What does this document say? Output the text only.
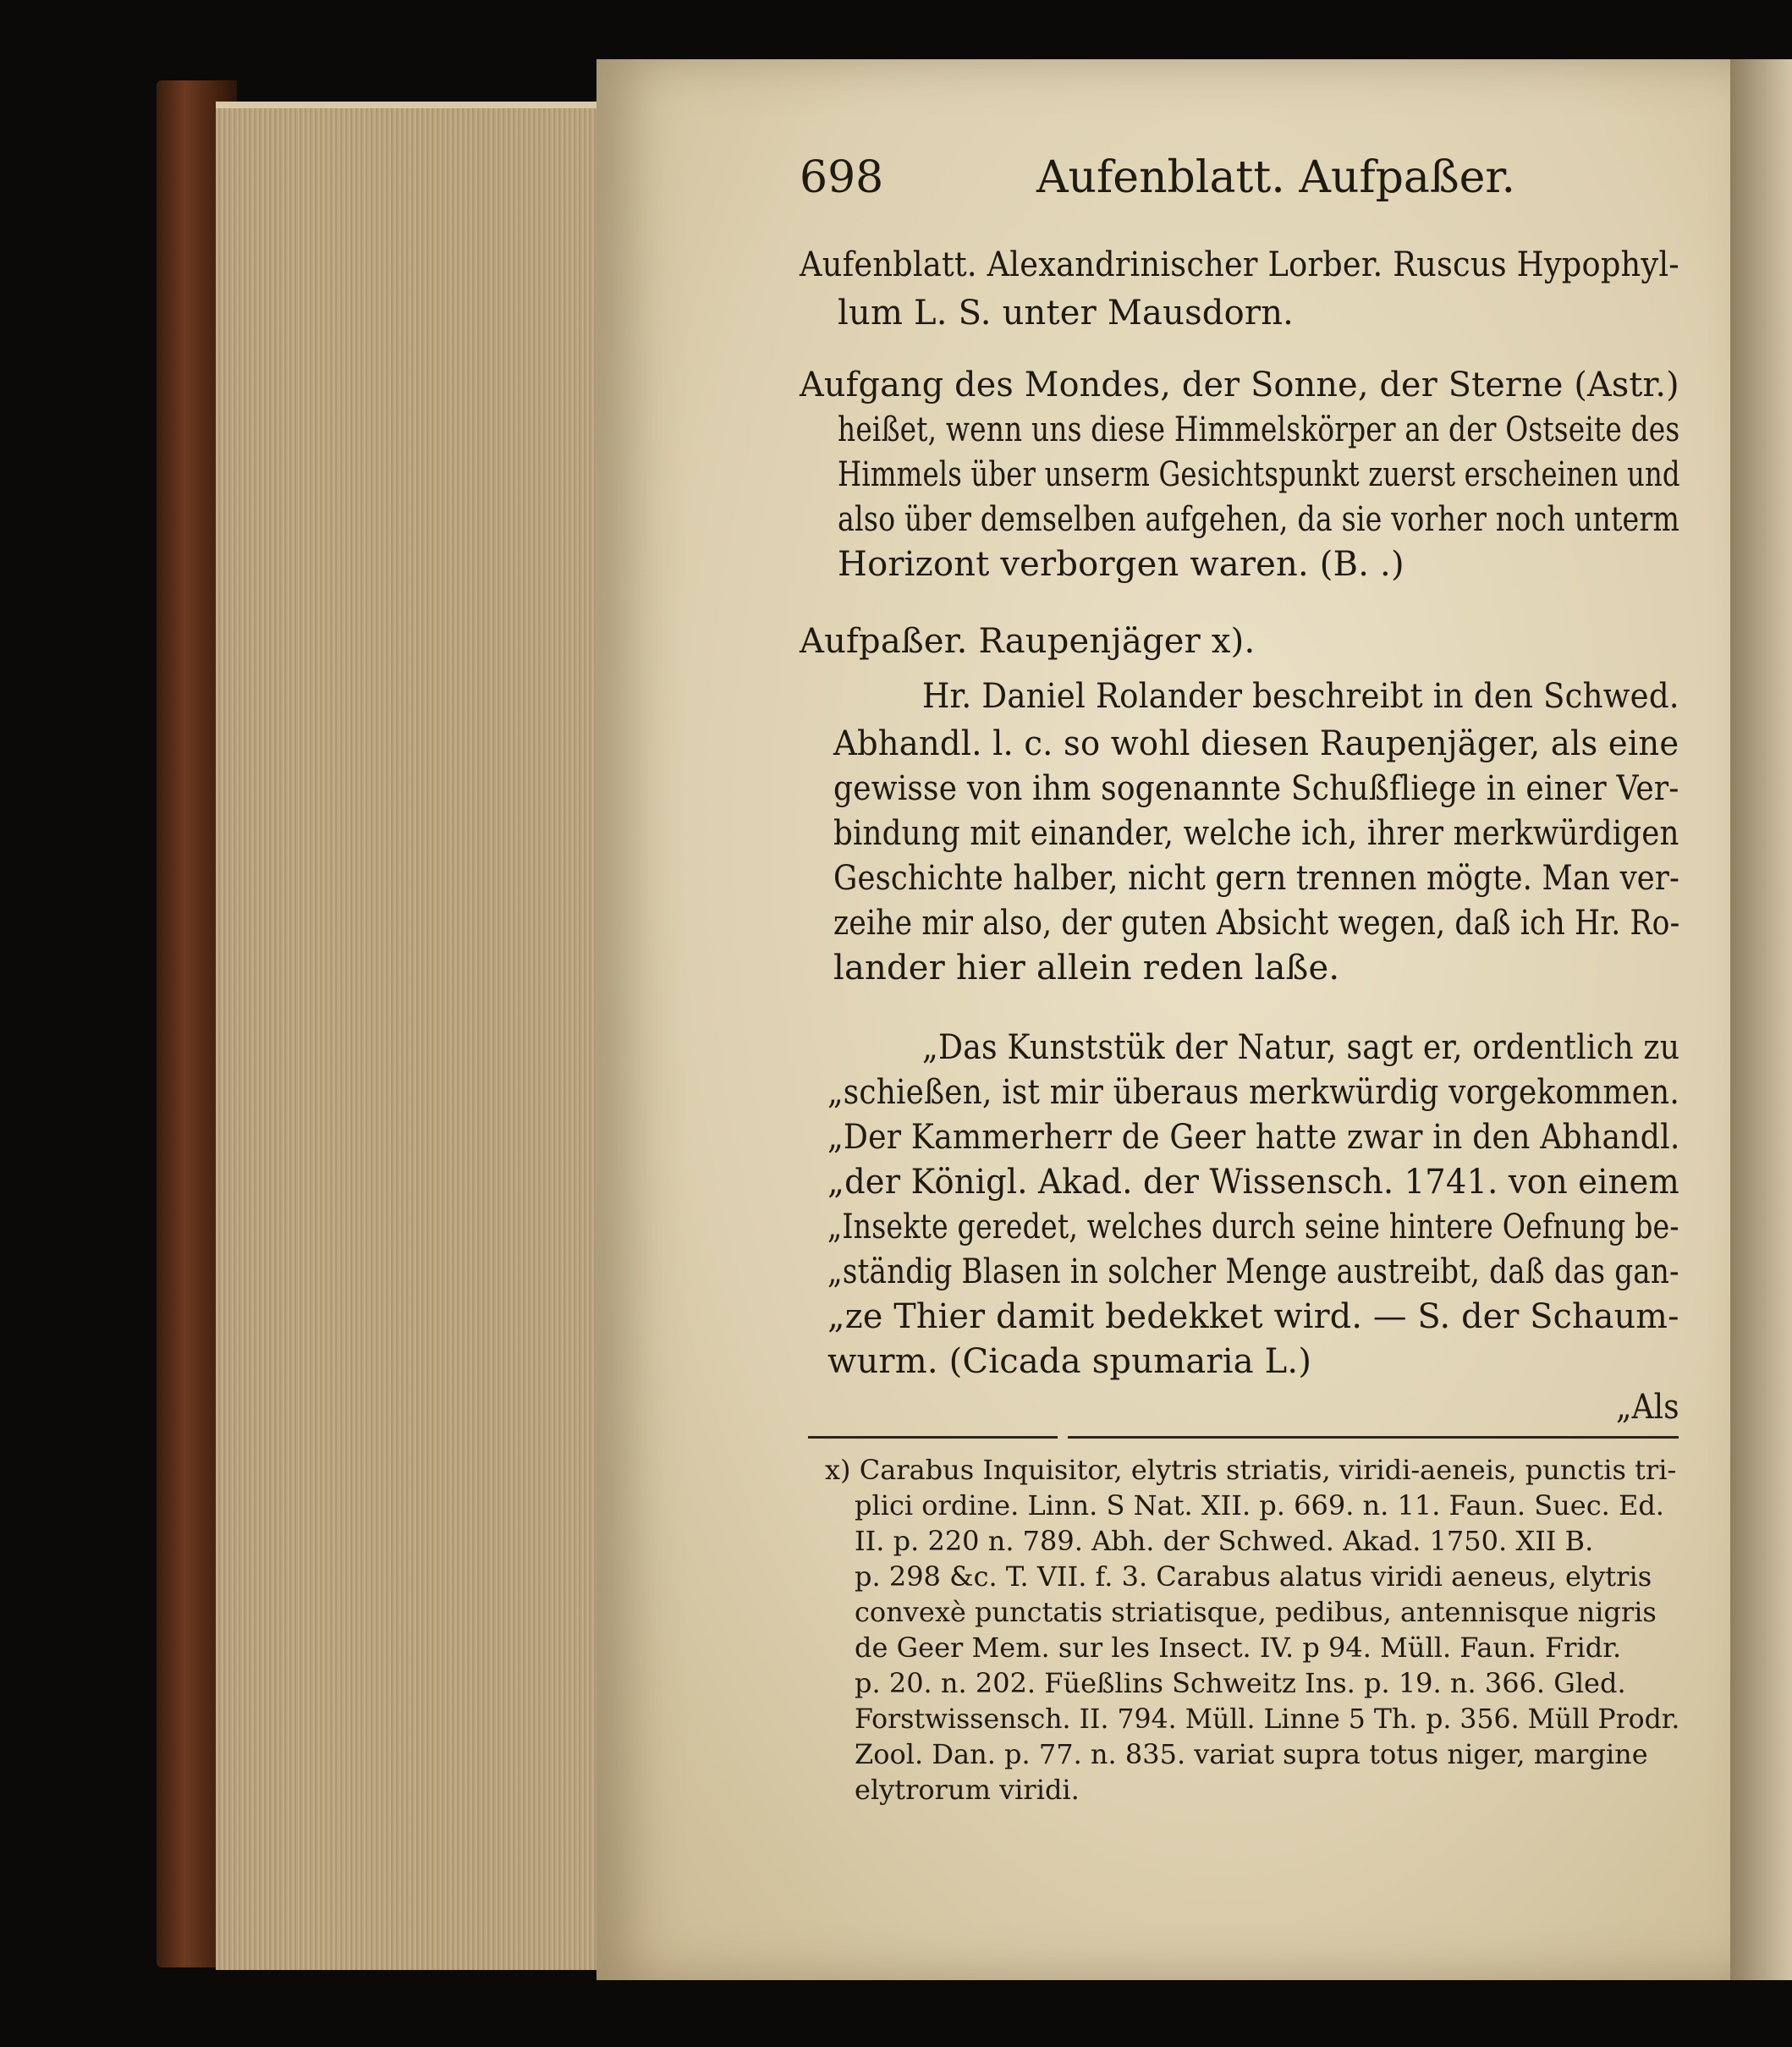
698	Aufenblatt. Aufpaßer.
Aufenblatt. Alexandrinischer Lorber. Ruscus Hypophyl-
lum L. S. unter Mausdorn.
Aufgang des Mondes, der Sonne, der Sterne (Astr.)
heißet, wenn uns diese Himmelskörper an der Ostseite des
Himmels über unserm Gesichtspunkt zuerst erscheinen und
also über demselben aufgehen, da sie vorher noch unterm
Horizont verborgen waren. (B. .)
Aufpaßer. Raupenjäger x).
Hr. Daniel Rolander beschreibt in den Schwed.
Abhandl. l. c. so wohl diesen Raupenjäger, als eine
gewisse von ihm sogenannte Schußfliege in einer Ver-
bindung mit einander, welche ich, ihrer merkwürdigen
Geschichte halber, nicht gern trennen mögte. Man ver-
zeihe mir also, der guten Absicht wegen, daß ich Hr. Ro-
lander hier allein reden laße.
„Das Kunststük der Natur, sagt er, ordentlich zu
„schießen, ist mir überaus merkwürdig vorgekommen.
„Der Kammerherr de Geer hatte zwar in den Abhandl.
„der Königl. Akad. der Wissensch. 1741. von einem
„Insekte geredet, welches durch seine hintere Oefnung be-
„ständig Blasen in solcher Menge austreibt, daß das gan-
„ze Thier damit bedekket wird. — S. der Schaum-
wurm. (Cicada spumaria L.)
„Als
x) Carabus Inquisitor, elytris striatis, viridi-aeneis, punctis tri-
plici ordine. Linn. S Nat. XII. p. 669. n. 11. Faun. Suec. Ed.
II. p. 220 n. 789. Abh. der Schwed. Akad. 1750. XII B.
p. 298 &c. T. VII. f. 3. Carabus alatus viridi aeneus, elytris
convexè punctatis striatisque, pedibus, antennisque nigris
de Geer Mem. sur les Insect. IV. p 94. Müll. Faun. Fridr.
p. 20. n. 202. Füeßlins Schweitz Ins. p. 19. n. 366. Gled.
Forstwissensch. II. 794. Müll. Linne 5 Th. p. 356. Müll Prodr.
Zool. Dan. p. 77. n. 835. variat supra totus niger, margine
elytrorum viridi.
